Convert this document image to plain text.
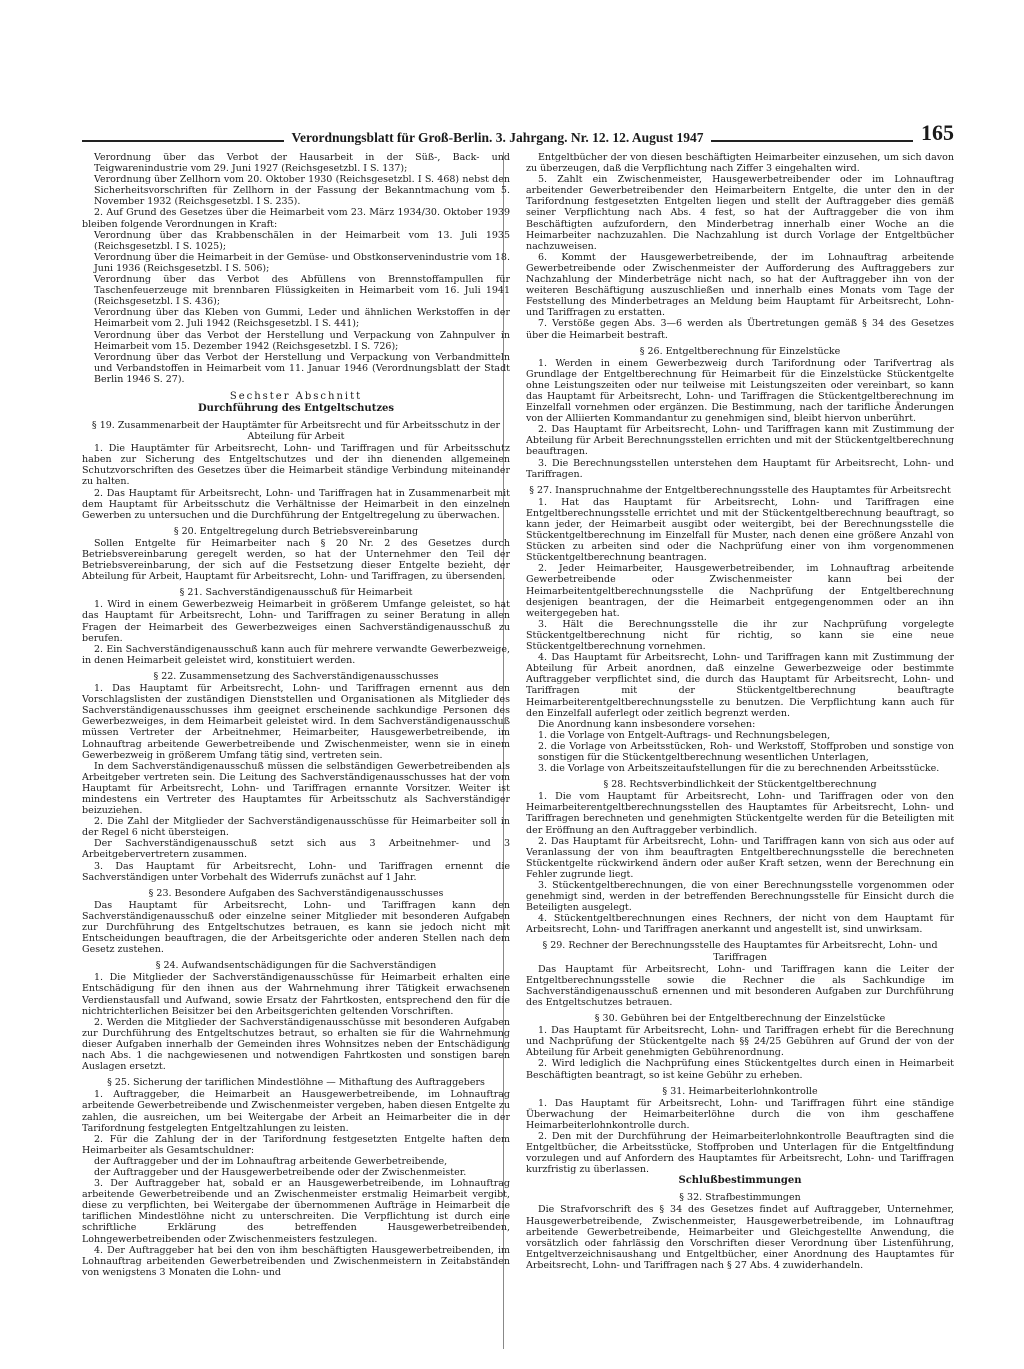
Verordnungsblatt für Groß-Berlin. 3. Jahrgang. Nr. 12. 12. August 1947	165

Verordnung über das Verbot der Hausarbeit in der Süß-, Back- und Teigwarenindustrie vom 29. Juni 1927 (Reichsgesetzbl. I S. 137);

Verordnung über Zellhorn vom 20. Oktober 1930 (Reichsgesetzbl. I S. 468) nebst den Sicherheitsvorschriften für Zellhorn in der Fassung der Bekanntmachung vom 5. November 1932 (Reichsgesetzbl. I S. 235).

2. Auf Grund des Gesetzes über die Heimarbeit vom 23. März 1934/30. Oktober 1939 bleiben folgende Verordnungen in Kraft:

Verordnung über das Krabbenschälen in der Heimarbeit vom 13. Juli 1935 (Reichsgesetzbl. I S. 1025);

Verordnung über die Heimarbeit in der Gemüse- und Obstkonservenindustrie vom 18. Juni 1936 (Reichsgesetzbl. I S. 506);

Verordnung über das Verbot des Abfüllens von Brennstoffampullen für Taschenfeuerzeuge mit brennbaren Flüssigkeiten in Heimarbeit vom 16. Juli 1941 (Reichsgesetzbl. I S. 436);

Verordnung über das Kleben von Gummi, Leder und ähnlichen Werkstoffen in der Heimarbeit vom 2. Juli 1942 (Reichsgesetzbl. I S. 441);

Verordnung über das Verbot der Herstellung und Verpackung von Zahnpulver in Heimarbeit vom 15. Dezember 1942 (Reichsgesetzbl. I S. 726);

Verordnung über das Verbot der Herstellung und Verpackung von Verbandmitteln und Verbandstoffen in Heimarbeit vom 11. Januar 1946 (Verordnungsblatt der Stadt Berlin 1946 S. 27).

Sechster Abschnitt
Durchführung des Entgeltschutzes
§ 19. Zusammenarbeit der Hauptämter für Arbeitsrecht und für Arbeitsschutz in der Abteilung für Arbeit

1. Die Hauptämter für Arbeitsrecht, Lohn- und Tariffragen und für Arbeitsschutz haben zur Sicherung des Entgeltschutzes und der ihn dienenden allgemeinen Schutzvorschriften des Gesetzes über die Heimarbeit ständige Verbindung miteinander zu halten.

2. Das Hauptamt für Arbeitsrecht, Lohn- und Tariffragen hat in Zusammenarbeit mit dem Hauptamt für Arbeitsschutz die Verhältnisse der Heimarbeit in den einzelnen Gewerben zu untersuchen und die Durchführung der Entgeltregelung zu überwachen.

§ 20. Entgeltregelung durch Betriebsvereinbarung

Sollen Entgelte für Heimarbeiter nach § 20 Nr. 2 des Gesetzes durch Betriebsvereinbarung geregelt werden, so hat der Unternehmer den Teil der Betriebsvereinbarung, der sich auf die Festsetzung dieser Entgelte bezieht, der Abteilung für Arbeit, Hauptamt für Arbeitsrecht, Lohn- und Tariffragen, zu übersenden.

§ 21. Sachverständigenausschuß für Heimarbeit

1. Wird in einem Gewerbezweig Heimarbeit in größerem Umfange geleistet, so hat das Hauptamt für Arbeitsrecht, Lohn- und Tariffragen zu seiner Beratung in allen Fragen der Heimarbeit des Gewerbezweiges einen Sachverständigenausschuß zu berufen.

2. Ein Sachverständigenausschuß kann auch für mehrere verwandte Gewerbezweige, in denen Heimarbeit geleistet wird, konstituiert werden.

§ 22. Zusammensetzung des Sachverständigenausschusses

1. Das Hauptamt für Arbeitsrecht, Lohn- und Tariffragen ernennt aus den Vorschlagslisten der zuständigen Dienststellen und Organisationen als Mitglieder des Sachverständigenausschusses ihm geeignet erscheinende sachkundige Personen des Gewerbezweiges, in dem Heimarbeit geleistet wird. In dem Sachverständigenausschuß müssen Vertreter der Arbeitnehmer, Heimarbeiter, Hausgewerbetreibende, im Lohnauftrag arbeitende Gewerbetreibende und Zwischenmeister, wenn sie in einem Gewerbezweig in größerem Umfang tätig sind, vertreten sein.

In dem Sachverständigenausschuß müssen die selbständigen Gewerbetreibenden als Arbeitgeber vertreten sein. Die Leitung des Sachverständigenausschusses hat der vom Hauptamt für Arbeitsrecht, Lohn- und Tariffragen ernannte Vorsitzer. Weiter ist mindestens ein Vertreter des Hauptamtes für Arbeitsschutz als Sachverständiger beizuziehen.

2. Die Zahl der Mitglieder der Sachverständigenausschüsse für Heimarbeiter soll in der Regel 6 nicht übersteigen.

Der Sachverständigenausschuß setzt sich aus 3 Arbeitnehmer- und 3 Arbeitgebervertretern zusammen.

3. Das Hauptamt für Arbeitsrecht, Lohn- und Tariffragen ernennt die Sachverständigen unter Vorbehalt des Widerrufs zunächst auf 1 Jahr.

§ 23. Besondere Aufgaben des Sachverständigenausschusses

Das Hauptamt für Arbeitsrecht, Lohn- und Tariffragen kann den Sachverständigenausschuß oder einzelne seiner Mitglieder mit besonderen Aufgaben zur Durchführung des Entgeltschutzes betrauen, es kann sie jedoch nicht mit Entscheidungen beauftragen, die der Arbeitsgerichte oder anderen Stellen nach dem Gesetz zustehen.

§ 24. Aufwandsentschädigungen für die Sachverständigen

1. Die Mitglieder der Sachverständigenausschüsse für Heimarbeit erhalten eine Entschädigung für den ihnen aus der Wahrnehmung ihrer Tätigkeit erwachsenen Verdienstausfall und Aufwand, sowie Ersatz der Fahrtkosten, entsprechend den für die nichtrichterlichen Beisitzer bei den Arbeitsgerichten geltenden Vorschriften.

2. Werden die Mitglieder der Sachverständigenausschüsse mit besonderen Aufgaben zur Durchführung des Entgeltschutzes betraut, so erhalten sie für die Wahrnehmung dieser Aufgaben innerhalb der Gemeinden ihres Wohnsitzes neben der Entschädigung nach Abs. 1 die nachgewiesenen und notwendigen Fahrtkosten und sonstigen baren Auslagen ersetzt.

§ 25. Sicherung der tariflichen Mindestlöhne — Mithaftung des Auftraggebers

1. Auftraggeber, die Heimarbeit an Hausgewerbetreibende, im Lohnauftrag arbeitende Gewerbetreibende und Zwischenmeister vergeben, haben diesen Entgelte zu zahlen, die ausreichen, um bei Weitergabe der Arbeit an Heimarbeiter die in der Tarifordnung festgelegten Entgeltzahlungen zu leisten.

2. Für die Zahlung der in der Tarifordnung festgesetzten Entgelte haften dem Heimarbeiter als Gesamtschuldner:

der Auftraggeber und der im Lohnauftrag arbeitende Gewerbetreibende,

der Auftraggeber und der Hausgewerbetreibende oder der Zwischenmeister.

3. Der Auftraggeber hat, sobald er an Hausgewerbetreibende, im Lohnauftrag arbeitende Gewerbetreibende und an Zwischenmeister erstmalig Heimarbeit vergibt, diese zu verpflichten, bei Weitergabe der übernommenen Aufträge in Heimarbeit die tariflichen Mindestlöhne nicht zu unterschreiten. Die Verpflichtung ist durch eine schriftliche Erklärung des betreffenden Hausgewerbetreibenden, Lohngewerbetreibenden oder Zwischenmeisters festzulegen.

4. Der Auftraggeber hat bei den von ihm beschäftigten Hausgewerbetreibenden, im Lohnauftrag arbeitenden Gewerbetreibenden und Zwischenmeistern in Zeitabständen von wenigstens 3 Monaten die Lohn- und

Entgeltbücher der von diesen beschäftigten Heimarbeiter einzusehen, um sich davon zu überzeugen, daß die Verpflichtung nach Ziffer 3 eingehalten wird.

5. Zahlt ein Zwischenmeister, Hausgewerbetreibender oder im Lohnauftrag arbeitender Gewerbetreibender den Heimarbeitern Entgelte, die unter den in der Tarifordnung festgesetzten Entgelten liegen und stellt der Auftraggeber dies gemäß seiner Verpflichtung nach Abs. 4 fest, so hat der Auftraggeber die von ihm Beschäftigten aufzufordern, den Minderbetrag innerhalb einer Woche an die Heimarbeiter nachzuzahlen. Die Nachzahlung ist durch Vorlage der Entgeltbücher nachzuweisen.

6. Kommt der Hausgewerbetreibende, der im Lohnauftrag arbeitende Gewerbetreibende oder Zwischenmeister der Aufforderung des Auftraggebers zur Nachzahlung der Minderbeträge nicht nach, so hat der Auftraggeber ihn von der weiteren Beschäftigung auszuschließen und innerhalb eines Monats vom Tage der Feststellung des Minderbetrages an Meldung beim Hauptamt für Arbeitsrecht, Lohn- und Tariffragen zu erstatten.

7. Verstöße gegen Abs. 3—6 werden als Übertretungen gemäß § 34 des Gesetzes über die Heimarbeit bestraft.

§ 26. Entgeltberechnung für Einzelstücke

1. Werden in einem Gewerbezweig durch Tarifordnung oder Tarifvertrag als Grundlage der Entgeltberechnung für Heimarbeit für die Einzelstücke Stückentgelte ohne Leistungszeiten oder nur teilweise mit Leistungszeiten oder vereinbart, so kann das Hauptamt für Arbeitsrecht, Lohn- und Tariffragen die Stückentgeltberechnung im Einzelfall vornehmen oder ergänzen. Die Bestimmung, nach der tarifliche Änderungen von der Alliierten Kommandantur zu genehmigen sind, bleibt hiervon unberührt.

2. Das Hauptamt für Arbeitsrecht, Lohn- und Tariffragen kann mit Zustimmung der Abteilung für Arbeit Berechnungsstellen errichten und mit der Stückentgeltberechnung beauftragen.

3. Die Berechnungsstellen unterstehen dem Hauptamt für Arbeitsrecht, Lohn- und Tariffragen.

§ 27. Inanspruchnahme der Entgeltberechnungsstelle des Hauptamtes für Arbeitsrecht

1. Hat das Hauptamt für Arbeitsrecht, Lohn- und Tariffragen eine Entgeltberechnungsstelle errichtet und mit der Stückentgeltberechnung beauftragt, so kann jeder, der Heimarbeit ausgibt oder weitergibt, bei der Berechnungsstelle die Stückentgeltberechnung im Einzelfall für Muster, nach denen eine größere Anzahl von Stücken zu arbeiten sind oder die Nachprüfung einer von ihm vorgenommenen Stückentgeltberechnung beantragen.

2. Jeder Heimarbeiter, Hausgewerbetreibender, im Lohnauftrag arbeitende Gewerbetreibende oder Zwischenmeister kann bei der Heimarbeitentgeltberechnungsstelle die Nachprüfung der Entgeltberechnung desjenigen beantragen, der die Heimarbeit entgegengenommen oder an ihn weitergegeben hat.

3. Hält die Berechnungsstelle die ihr zur Nachprüfung vorgelegte Stückentgeltberechnung nicht für richtig, so kann sie eine neue Stückentgeltberechnung vornehmen.

4. Das Hauptamt für Arbeitsrecht, Lohn- und Tariffragen kann mit Zustimmung der Abteilung für Arbeit anordnen, daß einzelne Gewerbezweige oder bestimmte Auftraggeber verpflichtet sind, die durch das Hauptamt für Arbeitsrecht, Lohn- und Tariffragen mit der Stückentgeltberechnung beauftragte Heimarbeiterentgeltberechnungsstelle zu benutzen. Die Verpflichtung kann auch für den Einzelfall auferlegt oder zeitlich begrenzt werden.

Die Anordnung kann insbesondere vorsehen:

1. die Vorlage von Entgelt-Auftrags- und Rechnungsbelegen,

2. die Vorlage von Arbeitsstücken, Roh- und Werkstoff, Stoffproben und sonstige von sonstigen für die Stückentgeltberechnung wesentlichen Unterlagen,

3. die Vorlage von Arbeitszeitaufstellungen für die zu berechnenden Arbeitsstücke.

§ 28. Rechtsverbindlichkeit der Stückentgeltberechnung

1. Die vom Hauptamt für Arbeitsrecht, Lohn- und Tariffragen oder von den Heimarbeiterentgeltberechnungsstellen des Hauptamtes für Arbeitsrecht, Lohn- und Tariffragen berechneten und genehmigten Stückentgelte werden für die Beteiligten mit der Eröffnung an den Auftraggeber verbindlich.

2. Das Hauptamt für Arbeitsrecht, Lohn- und Tariffragen kann von sich aus oder auf Veranlassung der von ihm beauftragten Entgeltberechnungsstelle die berechneten Stückentgelte rückwirkend ändern oder außer Kraft setzen, wenn der Berechnung ein Fehler zugrunde liegt.

3. Stückentgeltberechnungen, die von einer Berechnungsstelle vorgenommen oder genehmigt sind, werden in der betreffenden Berechnungsstelle für Einsicht durch die Beteiligten ausgelegt.

4. Stückentgeltberechnungen eines Rechners, der nicht von dem Hauptamt für Arbeitsrecht, Lohn- und Tariffragen anerkannt und angestellt ist, sind unwirksam.

§ 29. Rechner der Berechnungsstelle des Hauptamtes für Arbeitsrecht, Lohn- und Tariffragen

Das Hauptamt für Arbeitsrecht, Lohn- und Tariffragen kann die Leiter der Entgeltberechnungsstelle sowie die Rechner die als Sachkundige im Sachverständigenausschuß ernennen und mit besonderen Aufgaben zur Durchführung des Entgeltschutzes betrauen.

§ 30. Gebühren bei der Entgeltberechnung der Einzelstücke

1. Das Hauptamt für Arbeitsrecht, Lohn- und Tariffragen erhebt für die Berechnung und Nachprüfung der Stückentgelte nach §§ 24/25 Gebühren auf Grund der von der Abteilung für Arbeit genehmigten Gebührenordnung.

2. Wird lediglich die Nachprüfung eines Stückentgeltes durch einen in Heimarbeit Beschäftigten beantragt, so ist keine Gebühr zu erheben.

§ 31. Heimarbeiterlohnkontrolle

1. Das Hauptamt für Arbeitsrecht, Lohn- und Tariffragen führt eine ständige Überwachung der Heimarbeiterlöhne durch die von ihm geschaffene Heimarbeiterlohnkontrolle durch.

2. Den mit der Durchführung der Heimarbeiterlohnkontrolle Beauftragten sind die Entgeltbücher, die Arbeitsstücke, Stoffproben und Unterlagen für die Entgeltfindung vorzulegen und auf Anfordern des Hauptamtes für Arbeitsrecht, Lohn- und Tariffragen kurzfristig zu überlassen.

Schlußbestimmungen
§ 32. Strafbestimmungen

Die Strafvorschrift des § 34 des Gesetzes findet auf Auftraggeber, Unternehmer, Hausgewerbetreibende, Zwischenmeister, Hausgewerbetreibende, im Lohnauftrag arbeitende Gewerbetreibende, Heimarbeiter und Gleichgestellte Anwendung, die vorsätzlich oder fahrlässig den Vorschriften dieser Verordnung über Listenführung, Entgeltverzeichnisaushang und Entgeltbücher, einer Anordnung des Hauptamtes für Arbeitsrecht, Lohn- und Tariffragen nach § 27 Abs. 4 zuwiderhandeln.
